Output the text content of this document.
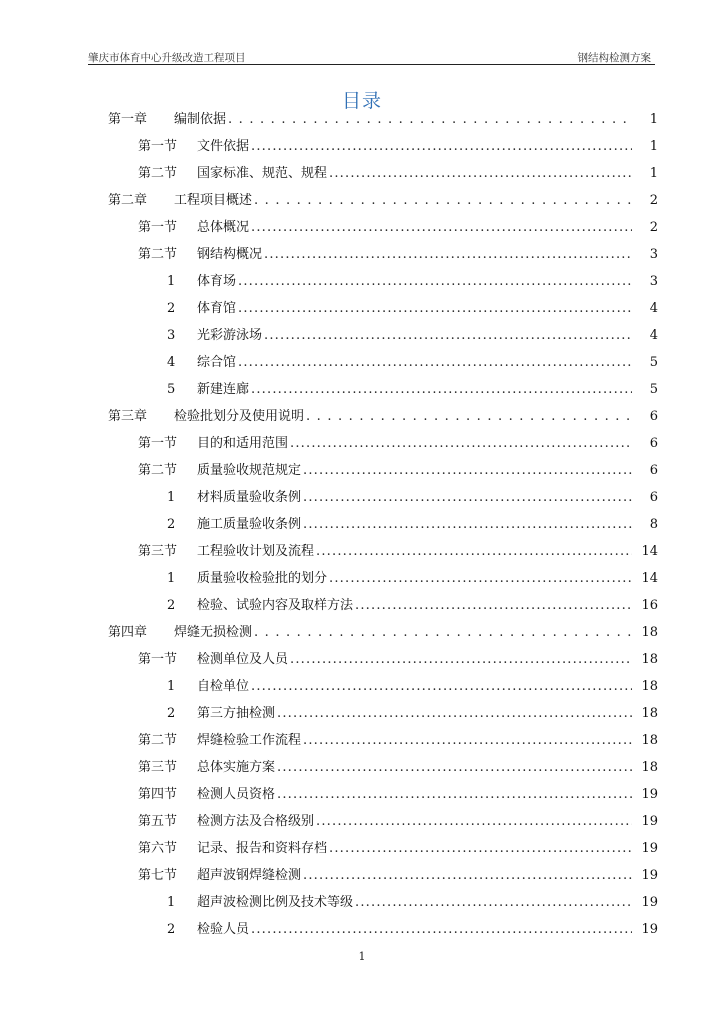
肇庆市体育中心升级改造工程项目	钢结构检测方案
目录
第一章	编制依据 . . .	1
第一节	文件依据 .....	1
第二节	国家标准、规范、规程 .....	1
第二章	工程项目概述 . . .	2
第一节	总体概况 .....	2
第二节	钢结构概况 .....	3
1	体育场 .....	3
2	体育馆 .....	4
3	光彩游泳场 .....	4
4	综合馆 .....	5
5	新建连廊 .....	5
第三章	检验批划分及使用说明 . . .	6
第一节	目的和适用范围 .....	6
第二节	质量验收规范规定 .....	6
1	材料质量验收条例 .....	6
2	施工质量验收条例 .....	8
第三节	工程验收计划及流程 .....	14
1	质量验收检验批的划分 .....	14
2	检验、试验内容及取样方法 .....	16
第四章	焊缝无损检测 . . .	18
第一节	检测单位及人员 .....	18
1	自检单位 .....	18
2	第三方抽检测 .....	18
第二节	焊缝检验工作流程 .....	18
第三节	总体实施方案 .....	18
第四节	检测人员资格 .....	19
第五节	检测方法及合格级别 .....	19
第六节	记录、报告和资料存档 .....	19
第七节	超声波钢焊缝检测 .....	19
1	超声波检测比例及技术等级 .....	19
2	检验人员 .....	19
1
